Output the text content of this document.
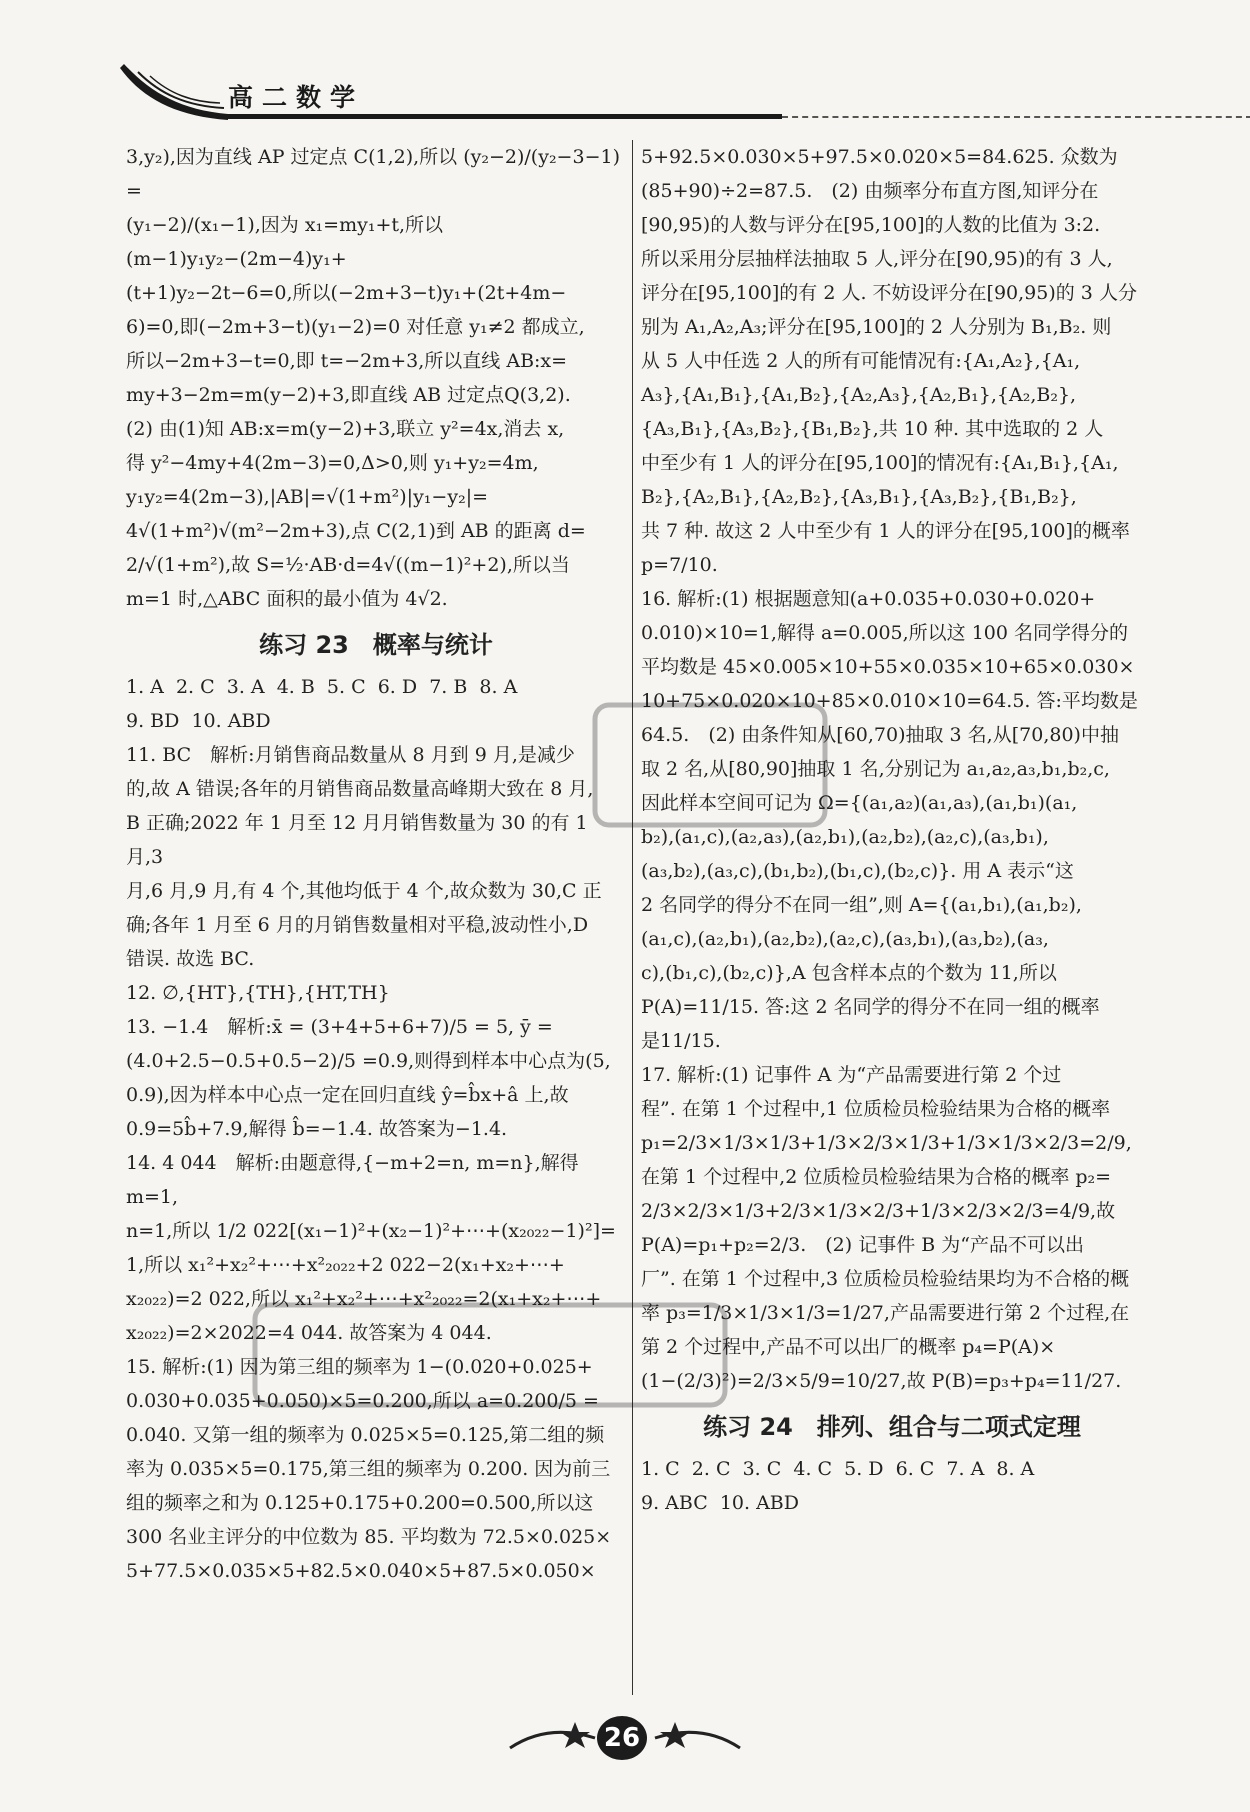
高二数学

3,y₂),因为直线 AP 过定点 C(1,2),所以 (y₂−2)/(y₂−3−1) =

(y₁−2)/(x₁−1),因为 x₁=my₁+t,所以(m−1)y₁y₂−(2m−4)y₁+

(t+1)y₂−2t−6=0,所以(−2m+3−t)y₁+(2t+4m−

6)=0,即(−2m+3−t)(y₁−2)=0 对任意 y₁≠2 都成立,

所以−2m+3−t=0,即 t=−2m+3,所以直线 AB:x=

my+3−2m=m(y−2)+3,即直线 AB 过定点Q(3,2).

(2) 由(1)知 AB:x=m(y−2)+3,联立 y²=4x,消去 x,

得 y²−4my+4(2m−3)=0,Δ>0,则 y₁+y₂=4m,

y₁y₂=4(2m−3),|AB|=√(1+m²)|y₁−y₂|=

4√(1+m²)√(m²−2m+3),点 C(2,1)到 AB 的距离 d=

2/√(1+m²),故 S=½·AB·d=4√((m−1)²+2),所以当

m=1 时,△ABC 面积的最小值为 4√2.

练习 23　概率与统计

1. A  2. C  3. A  4. B  5. C  6. D  7. B  8. A

9. BD  10. ABD

11. BC　解析:月销售商品数量从 8 月到 9 月,是减少

的,故 A 错误;各年的月销售商品数量高峰期大致在 8 月,

B 正确;2022 年 1 月至 12 月月销售数量为 30 的有 1 月,3

月,6 月,9 月,有 4 个,其他均低于 4 个,故众数为 30,C 正

确;各年 1 月至 6 月的月销售数量相对平稳,波动性小,D

错误. 故选 BC.

12. ∅,{HT},{TH},{HT,TH}

13. −1.4　解析:x̄ = (3+4+5+6+7)/5 = 5, ȳ =

(4.0+2.5−0.5+0.5−2)/5 =0.9,则得到样本中心点为(5,

0.9),因为样本中心点一定在回归直线 ŷ=b̂x+â 上,故

0.9=5b̂+7.9,解得 b̂=−1.4. 故答案为−1.4.

14. 4 044　解析:由题意得,{−m+2=n, m=n},解得 m=1,

n=1,所以 1/2 022[(x₁−1)²+(x₂−1)²+⋯+(x₂₀₂₂−1)²]=

1,所以 x₁²+x₂²+⋯+x²₂₀₂₂+2 022−2(x₁+x₂+⋯+

x₂₀₂₂)=2 022,所以 x₁²+x₂²+⋯+x²₂₀₂₂=2(x₁+x₂+⋯+

x₂₀₂₂)=2×2022=4 044. 故答案为 4 044.

15. 解析:(1) 因为第三组的频率为 1−(0.020+0.025+

0.030+0.035+0.050)×5=0.200,所以 a=0.200/5 =

0.040. 又第一组的频率为 0.025×5=0.125,第二组的频

率为 0.035×5=0.175,第三组的频率为 0.200. 因为前三

组的频率之和为 0.125+0.175+0.200=0.500,所以这

300 名业主评分的中位数为 85. 平均数为 72.5×0.025×

5+77.5×0.035×5+82.5×0.040×5+87.5×0.050×

5+92.5×0.030×5+97.5×0.020×5=84.625. 众数为

(85+90)÷2=87.5.　(2) 由频率分布直方图,知评分在

[90,95)的人数与评分在[95,100]的人数的比值为 3:2.

所以采用分层抽样法抽取 5 人,评分在[90,95)的有 3 人,

评分在[95,100]的有 2 人. 不妨设评分在[90,95)的 3 人分

别为 A₁,A₂,A₃;评分在[95,100]的 2 人分别为 B₁,B₂. 则

从 5 人中任选 2 人的所有可能情况有:{A₁,A₂},{A₁,

A₃},{A₁,B₁},{A₁,B₂},{A₂,A₃},{A₂,B₁},{A₂,B₂},

{A₃,B₁},{A₃,B₂},{B₁,B₂},共 10 种. 其中选取的 2 人

中至少有 1 人的评分在[95,100]的情况有:{A₁,B₁},{A₁,

B₂},{A₂,B₁},{A₂,B₂},{A₃,B₁},{A₃,B₂},{B₁,B₂},

共 7 种. 故这 2 人中至少有 1 人的评分在[95,100]的概率

p=7/10.

16. 解析:(1) 根据题意知(a+0.035+0.030+0.020+

0.010)×10=1,解得 a=0.005,所以这 100 名同学得分的

平均数是 45×0.005×10+55×0.035×10+65×0.030×

10+75×0.020×10+85×0.010×10=64.5. 答:平均数是

64.5.　(2) 由条件知从[60,70)抽取 3 名,从[70,80)中抽

取 2 名,从[80,90]抽取 1 名,分别记为 a₁,a₂,a₃,b₁,b₂,c,

因此样本空间可记为 Ω={(a₁,a₂)(a₁,a₃),(a₁,b₁)(a₁,

b₂),(a₁,c),(a₂,a₃),(a₂,b₁),(a₂,b₂),(a₂,c),(a₃,b₁),

(a₃,b₂),(a₃,c),(b₁,b₂),(b₁,c),(b₂,c)}. 用 A 表示“这

2 名同学的得分不在同一组”,则 A={(a₁,b₁),(a₁,b₂),

(a₁,c),(a₂,b₁),(a₂,b₂),(a₂,c),(a₃,b₁),(a₃,b₂),(a₃,

c),(b₁,c),(b₂,c)},A 包含样本点的个数为 11,所以

P(A)=11/15. 答:这 2 名同学的得分不在同一组的概率

是11/15.

17. 解析:(1) 记事件 A 为“产品需要进行第 2 个过

程”. 在第 1 个过程中,1 位质检员检验结果为合格的概率

p₁=2/3×1/3×1/3+1/3×2/3×1/3+1/3×1/3×2/3=2/9,

在第 1 个过程中,2 位质检员检验结果为合格的概率 p₂=

2/3×2/3×1/3+2/3×1/3×2/3+1/3×2/3×2/3=4/9,故

P(A)=p₁+p₂=2/3.　(2) 记事件 B 为“产品不可以出

厂”. 在第 1 个过程中,3 位质检员检验结果均为不合格的概

率 p₃=1/3×1/3×1/3=1/27,产品需要进行第 2 个过程,在

第 2 个过程中,产品不可以出厂的概率 p₄=P(A)×

(1−(2/3)²)=2/3×5/9=10/27,故 P(B)=p₃+p₄=11/27.

练习 24　排列、组合与二项式定理

1. C  2. C  3. C  4. C  5. D  6. C  7. A  8. A

9. ABC  10. ABD

26
